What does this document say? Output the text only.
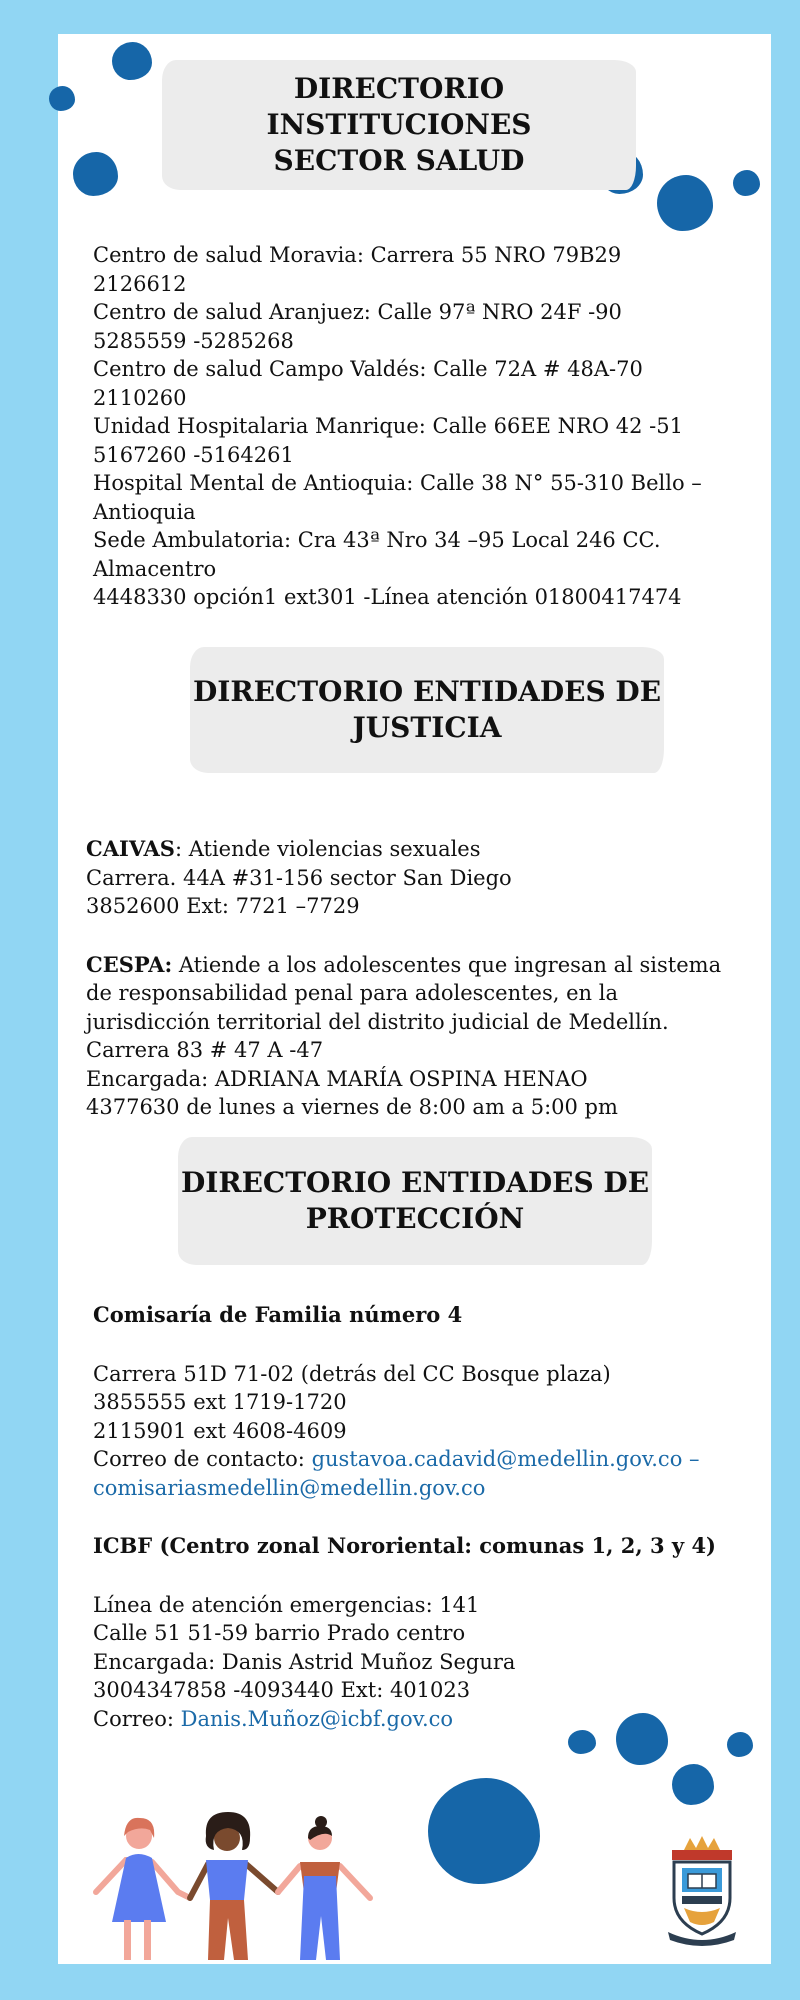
DIRECTORIO INSTITUCIONES
SECTOR SALUD
Centro de salud Moravia: Carrera 55 NRO 79B29
2126612
Centro de salud Aranjuez: Calle 97ª NRO 24F -90
5285559 -5285268
Centro de salud Campo Valdés: Calle 72A # 48A-70
2110260
Unidad Hospitalaria Manrique: Calle 66EE NRO 42 -51
5167260 -5164261
Hospital Mental de Antioquia: Calle 38 N° 55-310 Bello –
Antioquia
Sede Ambulatoria: Cra 43ª Nro 34 –95 Local 246 CC.
Almacentro
4448330 opción1 ext301 -Línea atención 01800417474
DIRECTORIO ENTIDADES DE
JUSTICIA
CAIVAS: Atiende violencias sexuales
Carrera. 44A #31-156 sector San Diego
3852600 Ext: 7721 –7729
CESPA: Atiende a los adolescentes que ingresan al sistema
de responsabilidad penal para adolescentes, en la
jurisdicción territorial del distrito judicial de Medellín.
Carrera 83 # 47 A -47
Encargada: ADRIANA MARÍA OSPINA HENAO
4377630 de lunes a viernes de 8:00 am a 5:00 pm
DIRECTORIO ENTIDADES DE
PROTECCIÓN
Comisaría de Familia número 4
Carrera 51D 71-02 (detrás del CC Bosque plaza)
3855555 ext 1719-1720
2115901 ext 4608-4609
Correo de contacto: gustavoa.cadavid@medellin.gov.co –
comisariasmedellin@medellin.gov.co
ICBF (Centro zonal Nororiental: comunas 1, 2, 3 y 4)
Línea de atención emergencias: 141
Calle 51 51-59 barrio Prado centro
Encargada: Danis Astrid Muñoz Segura
3004347858 -4093440 Ext: 401023
Correo: Danis.Muñoz@icbf.gov.co
